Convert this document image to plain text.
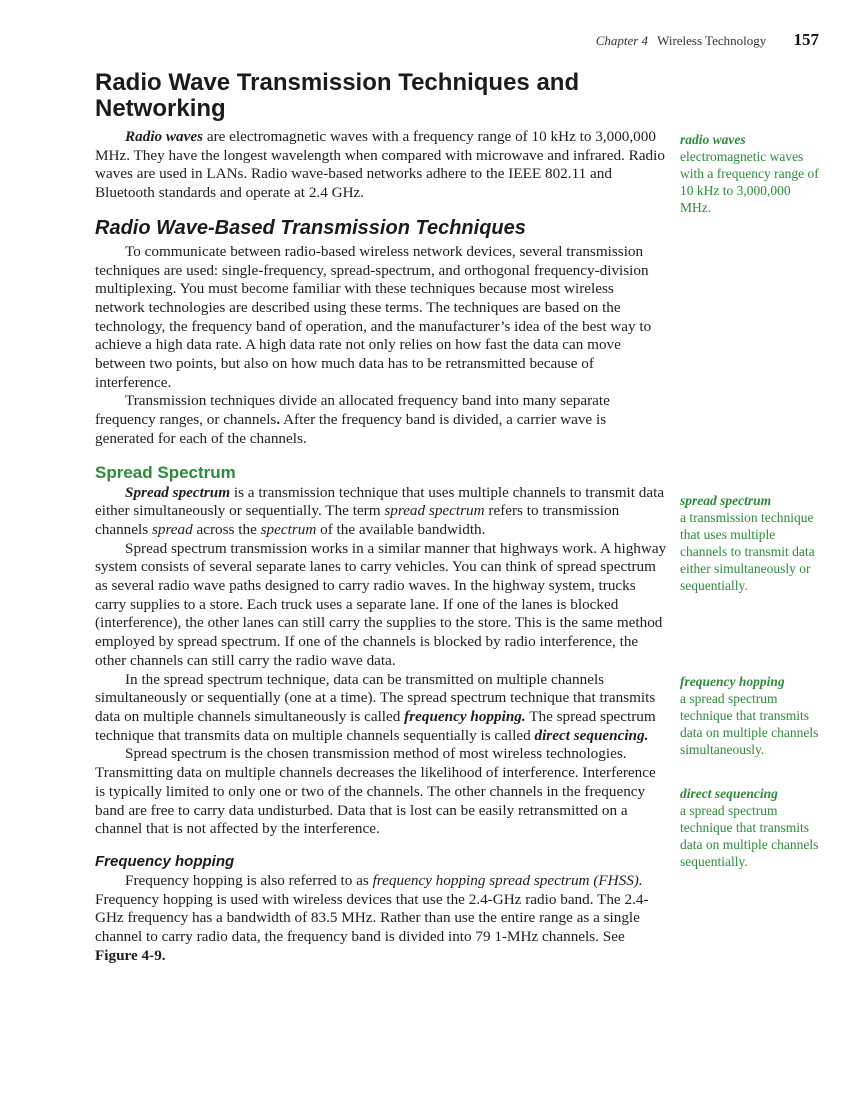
Chapter 4 Wireless Technology 157
Radio Wave Transmission Techniques and Networking

Radio waves are electromagnetic waves with a frequency range of 10 kHz to 3,000,000 MHz. They have the longest wavelength when compared with microwave and infrared. Radio waves are used in LANs. Radio wave-based networks adhere to the IEEE 802.11 and Bluetooth standards and operate at 2.4 GHz.

Radio Wave-Based Transmission Techniques

To communicate between radio-based wireless network devices, several transmission techniques are used: single-frequency, spread-spectrum, and orthogonal frequency-division multiplexing. You must become familiar with these techniques because most wireless network technologies are described using these terms. The techniques are based on the technology, the frequency band of operation, and the manufacturer’s idea of the best way to achieve a high data rate. A high data rate not only relies on how fast the data can move between two points, but also on how much data has to be retransmitted because of interference.

Transmission techniques divide an allocated frequency band into many separate frequency ranges, or channels. After the frequency band is divided, a carrier wave is generated for each of the channels.

Spread Spectrum

Spread spectrum is a transmission technique that uses multiple channels to transmit data either simultaneously or sequentially. The term spread spectrum refers to transmission channels spread across the spectrum of the available bandwidth.

Spread spectrum transmission works in a similar manner that highways work. A highway system consists of several separate lanes to carry vehicles. You can think of spread spectrum as several radio wave paths designed to carry radio waves. In the highway system, trucks carry supplies to a store. Each truck uses a separate lane. If one of the lanes is blocked (interference), the other lanes can still carry the supplies to the store. This is the same method employed by spread spectrum. If one of the channels is blocked by radio interference, the other channels can still carry the radio wave data.

In the spread spectrum technique, data can be transmitted on multiple channels simultaneously or sequentially (one at a time). The spread spectrum technique that transmits data on multiple channels simultaneously is called frequency hopping. The spread spectrum technique that transmits data on multiple channels sequentially is called direct sequencing.

Spread spectrum is the chosen transmission method of most wireless technologies. Transmitting data on multiple channels decreases the likelihood of interference. Interference is typically limited to only one or two of the channels. The other channels in the frequency band are free to carry data undisturbed. Data that is lost can be easily retransmitted on a channel that is not affected by the interference.

Frequency hopping

Frequency hopping is also referred to as frequency hopping spread spectrum (FHSS). Frequency hopping is used with wireless devices that use the 2.4-GHz radio band. The 2.4-GHz frequency has a bandwidth of 83.5 MHz. Rather than use the entire range as a single channel to carry radio data, the frequency band is divided into 79 1-MHz channels. See Figure 4-9.

radio waves
electromagnetic waves with a frequency range of 10 kHz to 3,000,000 MHz.
spread spectrum
a transmission technique that uses multiple channels to transmit data either simultaneously or sequentially.
frequency hopping
a spread spectrum technique that transmits data on multiple channels simultaneously.
direct sequencing
a spread spectrum technique that transmits data on multiple channels sequentially.
